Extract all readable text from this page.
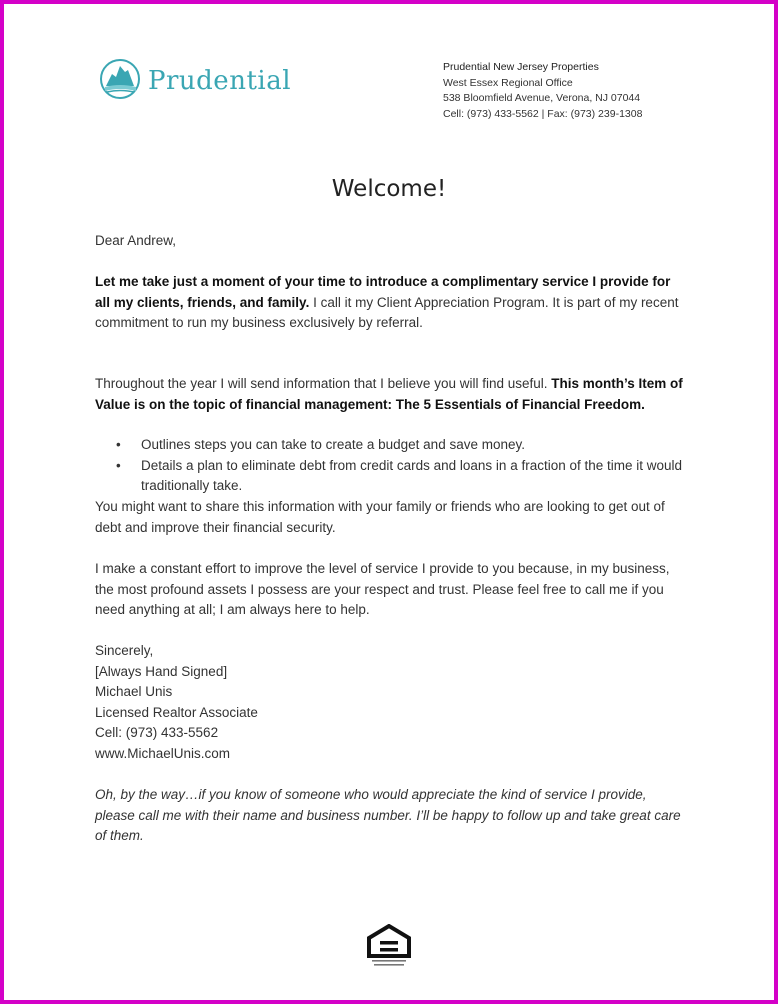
Prudential	Prudential New Jersey Properties
West Essex Regional Office
538 Bloomfield Avenue, Verona, NJ 07044
Cell: (973) 433-5562 | Fax: (973) 239-1308
Welcome!
Dear Andrew,
Let me take just a moment of your time to introduce a complimentary service I provide for all my clients, friends, and family. I call it my Client Appreciation Program. It is part of my recent commitment to run my business exclusively by referral.
Throughout the year I will send information that I believe you will find useful. This month’s Item of Value is on the topic of financial management: The 5 Essentials of Financial Freedom.
• Outlines steps you can take to create a budget and save money.
• Details a plan to eliminate debt from credit cards and loans in a fraction of the time it would traditionally take.
You might want to share this information with your family or friends who are looking to get out of debt and improve their financial security.
I make a constant effort to improve the level of service I provide to you because, in my business, the most profound assets I possess are your respect and trust. Please feel free to call me if you need anything at all; I am always here to help.
Sincerely,
[Always Hand Signed]
Michael Unis
Licensed Realtor Associate
Cell: (973) 433-5562
www.MichaelUnis.com
Oh, by the way…if you know of someone who would appreciate the kind of service I provide, please call me with their name and business number. I’ll be happy to follow up and take great care of them.
